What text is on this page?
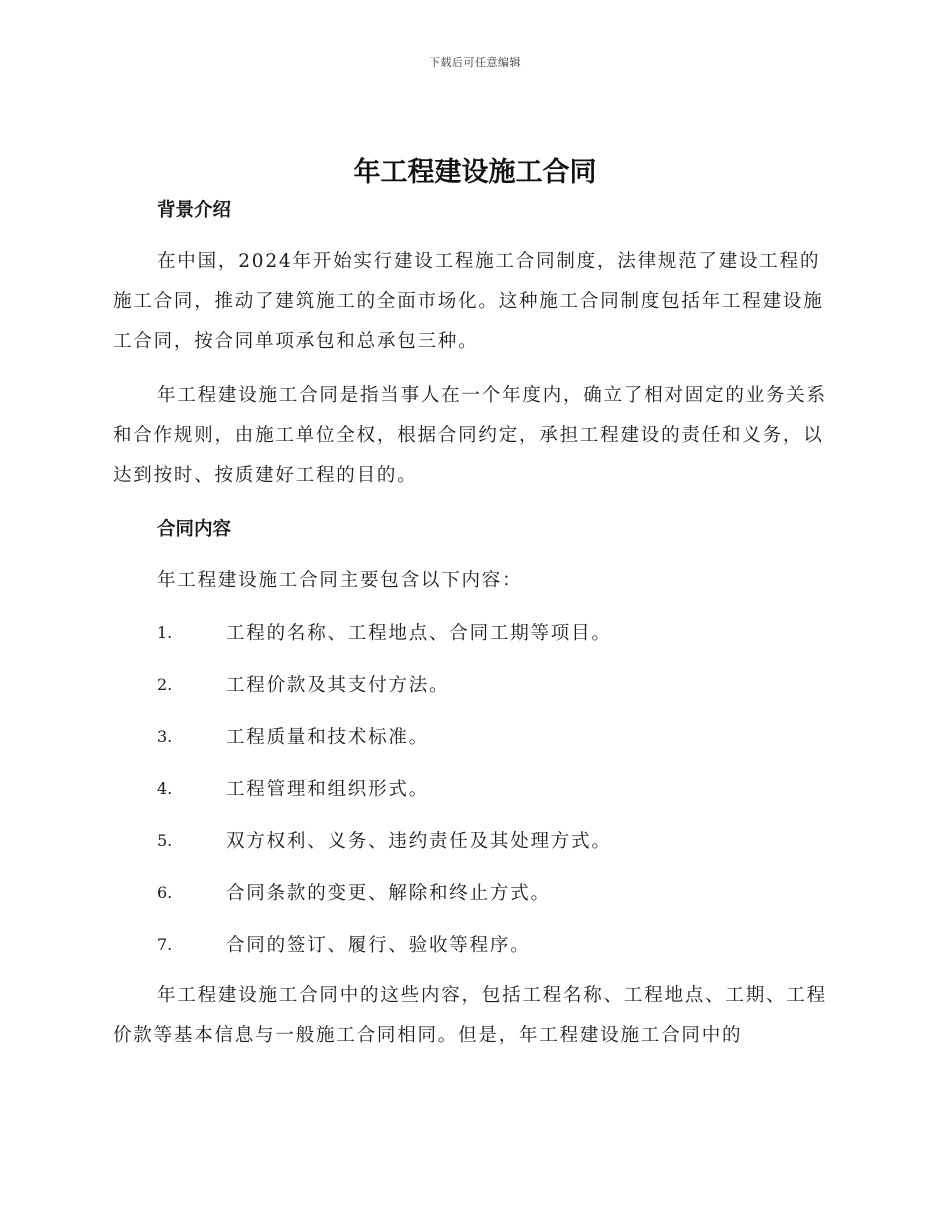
下载后可任意编辑
年工程建设施工合同
背景介绍

在中国，2024年开始实行建设工程施工合同制度，法律规范了建设工程的施工合同，推动了建筑施工的全面市场化。这种施工合同制度包括年工程建设施工合同，按合同单项承包和总承包三种。

年工程建设施工合同是指当事人在一个年度内，确立了相对固定的业务关系和合作规则，由施工单位全权，根据合同约定，承担工程建设的责任和义务，以达到按时、按质建好工程的目的。

合同内容

年工程建设施工合同主要包含以下内容：

1.	工程的名称、工程地点、合同工期等项目。
2.	工程价款及其支付方法。
3.	工程质量和技术标准。
4.	工程管理和组织形式。
5.	双方权利、义务、违约责任及其处理方式。
6.	合同条款的变更、解除和终止方式。
7.	合同的签订、履行、验收等程序。

年工程建设施工合同中的这些内容，包括工程名称、工程地点、工期、工程价款等基本信息与一般施工合同相同。但是，年工程建设施工合同中的
